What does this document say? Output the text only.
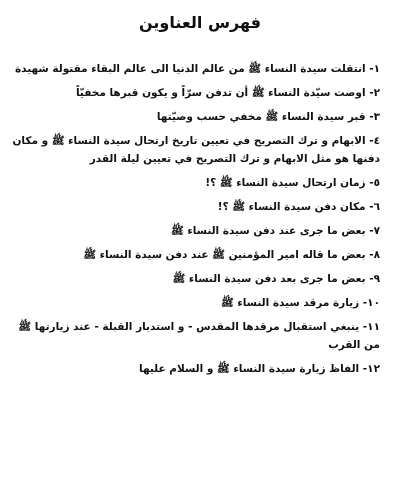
فهرس العناوين
١- انتقلت سيدة النساء ﷺ من عالم الدنيا الى عالم البقاء مقتولة شهيدة
٢- اوصت سيّدة النساء ﷺ أن تدفن سرّاً و يكون قبرها مخفيّاً
٣- قبر سيدة النساء ﷺ مخفي حسب وصيّتها
٤- الابهام و ترك التصريح في تعيين تاريخ ارتحال سيدة النساء ﷺ و مكان دفنها هو مثل الابهام و ترك التصريح في تعيين ليلة القدر
٥- زمان ارتحال سيدة النساء ﷺ ؟!
٦- مكان دفن سيدة النساء ﷺ ؟!
٧- بعض ما جرى عند دفن سيدة النساء ﷺ
٨- بعض ما قاله امير المؤمنين ﷺ عند دفن سيدة النساء ﷺ
٩- بعض ما جرى بعد دفن سيدة النساء ﷺ
١٠- زيارة مرقد سيدة النساء ﷺ
١١- ينبغي استقبال مرقدها المقدس - و استدبار القبلة - عند زيارتها ﷺ من القرب
١٢- الفاظ زيارة سيدة النساء ﷺ و السلام عليها
